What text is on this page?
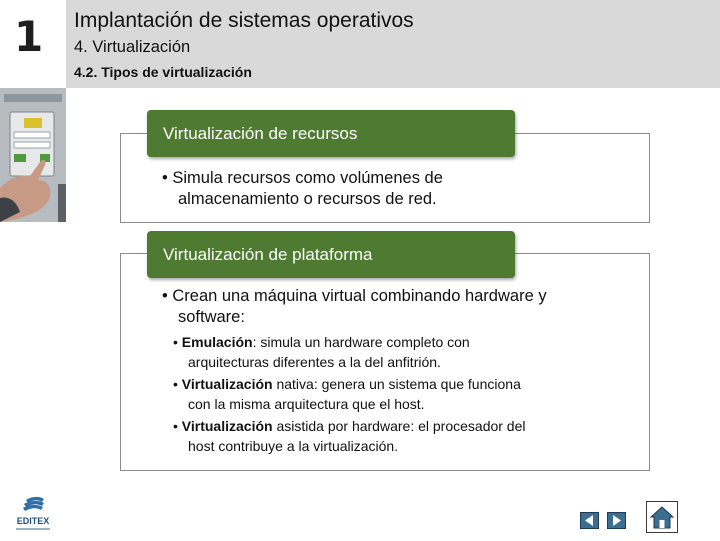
1 Implantación de sistemas operativos
4. Virtualización
4.2. Tipos de virtualización
Virtualización de recursos
• Simula recursos como volúmenes de
almacenamiento o recursos de red.
Virtualización de plataforma
• Crean una máquina virtual combinando hardware y
software:
• Emulación: simula un hardware completo con
arquitecturas diferentes a la del anfitrión.
• Virtualización nativa: genera un sistema que funciona
con la misma arquitectura que el host.
• Virtualización asistida por hardware: el procesador del
host contribuye a la virtualización.
EDITEX
